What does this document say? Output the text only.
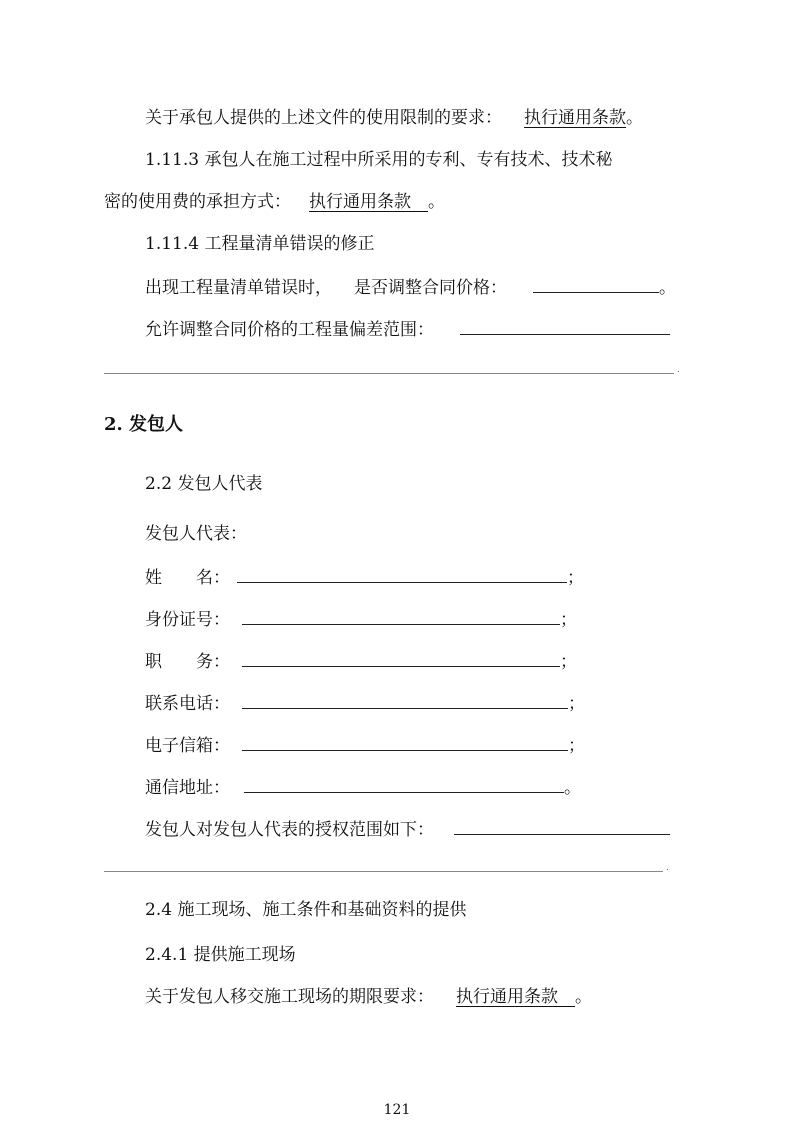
关于承包人提供的上述文件的使用限制的要求： 执行通用条款。
1.11.3 承包人在施工过程中所采用的专利、专有技术、技术秘
密的使用费的承担方式： 执行通用条款  。
1.11.4 工程量清单错误的修正
出现工程量清单错误时， 是否调整合同价格：	。
允许调整合同价格的工程量偏差范围：
.
2. 发包人
2.2 发包人代表
发包人代表：
姓　　名：	；
身份证号：	；
职　　务：	；
联系电话：	；
电子信箱：	；
通信地址：	。
发包人对发包人代表的授权范围如下：
.
2.4 施工现场、施工条件和基础资料的提供
2.4.1 提供施工现场
关于发包人移交施工现场的期限要求： 执行通用条款  。
121
